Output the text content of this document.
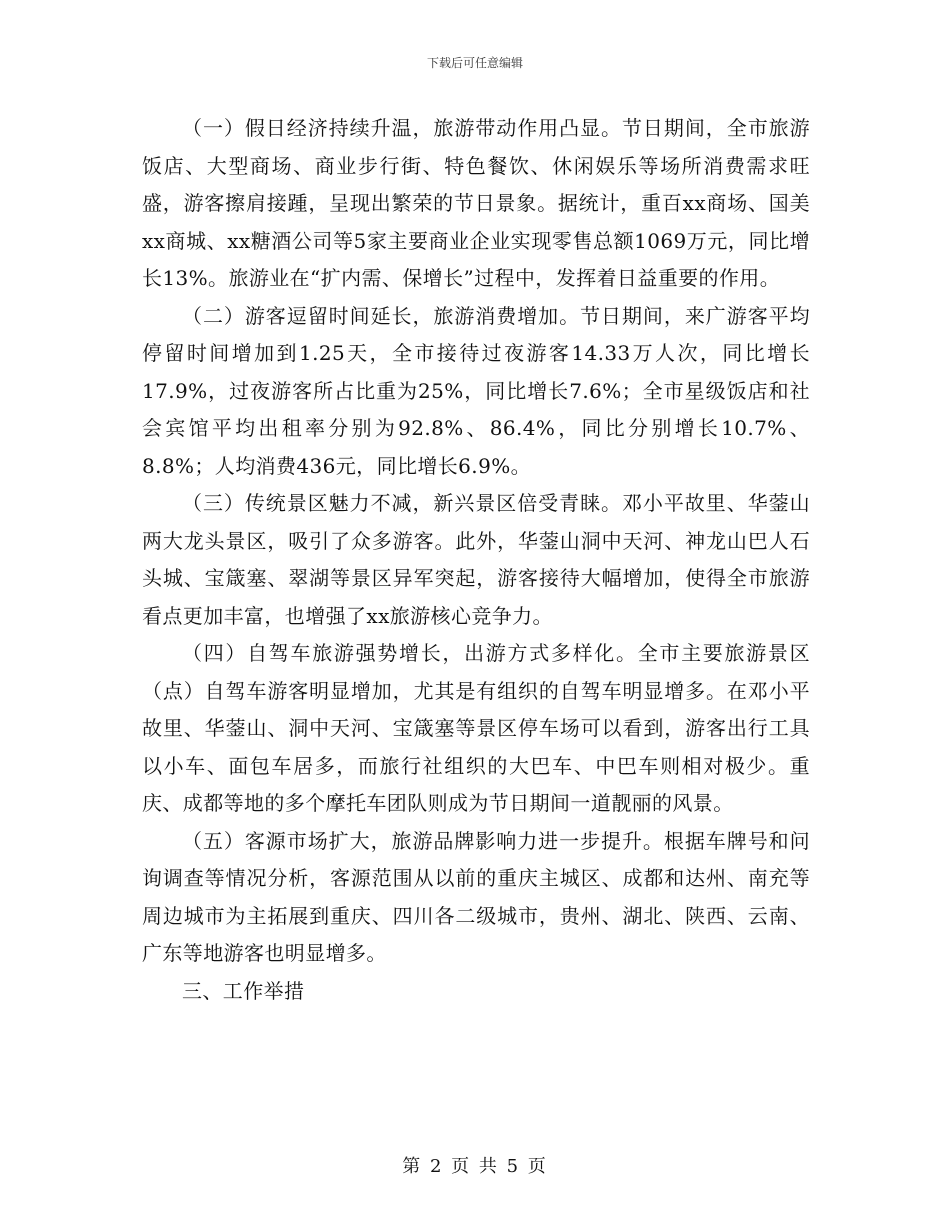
下载后可任意编辑

（一）假日经济持续升温，旅游带动作用凸显。节日期间，全市旅游饭店、大型商场、商业步行街、特色餐饮、休闲娱乐等场所消费需求旺盛，游客擦肩接踵，呈现出繁荣的节日景象。据统计，重百xx商场、国美xx商城、xx糖酒公司等5家主要商业企业实现零售总额1069万元，同比增长13%。旅游业在“扩内需、保增长”过程中，发挥着日益重要的作用。

（二）游客逗留时间延长，旅游消费增加。节日期间，来广游客平均停留时间增加到1.25天，全市接待过夜游客14.33万人次，同比增长17.9%，过夜游客所占比重为25%，同比增长7.6%；全市星级饭店和社会宾馆平均出租率分别为92.8%、86.4%，同比分别增长10.7%、8.8%；人均消费436元，同比增长6.9%。

（三）传统景区魅力不减，新兴景区倍受青睐。邓小平故里、华蓥山两大龙头景区，吸引了众多游客。此外，华蓥山洞中天河、神龙山巴人石头城、宝箴塞、翠湖等景区异军突起，游客接待大幅增加，使得全市旅游看点更加丰富，也增强了xx旅游核心竞争力。

（四）自驾车旅游强势增长，出游方式多样化。全市主要旅游景区（点）自驾车游客明显增加，尤其是有组织的自驾车明显增多。在邓小平故里、华蓥山、洞中天河、宝箴塞等景区停车场可以看到，游客出行工具以小车、面包车居多，而旅行社组织的大巴车、中巴车则相对极少。重庆、成都等地的多个摩托车团队则成为节日期间一道靓丽的风景。

（五）客源市场扩大，旅游品牌影响力进一步提升。根据车牌号和问询调查等情况分析，客源范围从以前的重庆主城区、成都和达州、南充等周边城市为主拓展到重庆、四川各二级城市，贵州、湖北、陕西、云南、广东等地游客也明显增多。

三、工作举措

第 2 页 共 5 页
